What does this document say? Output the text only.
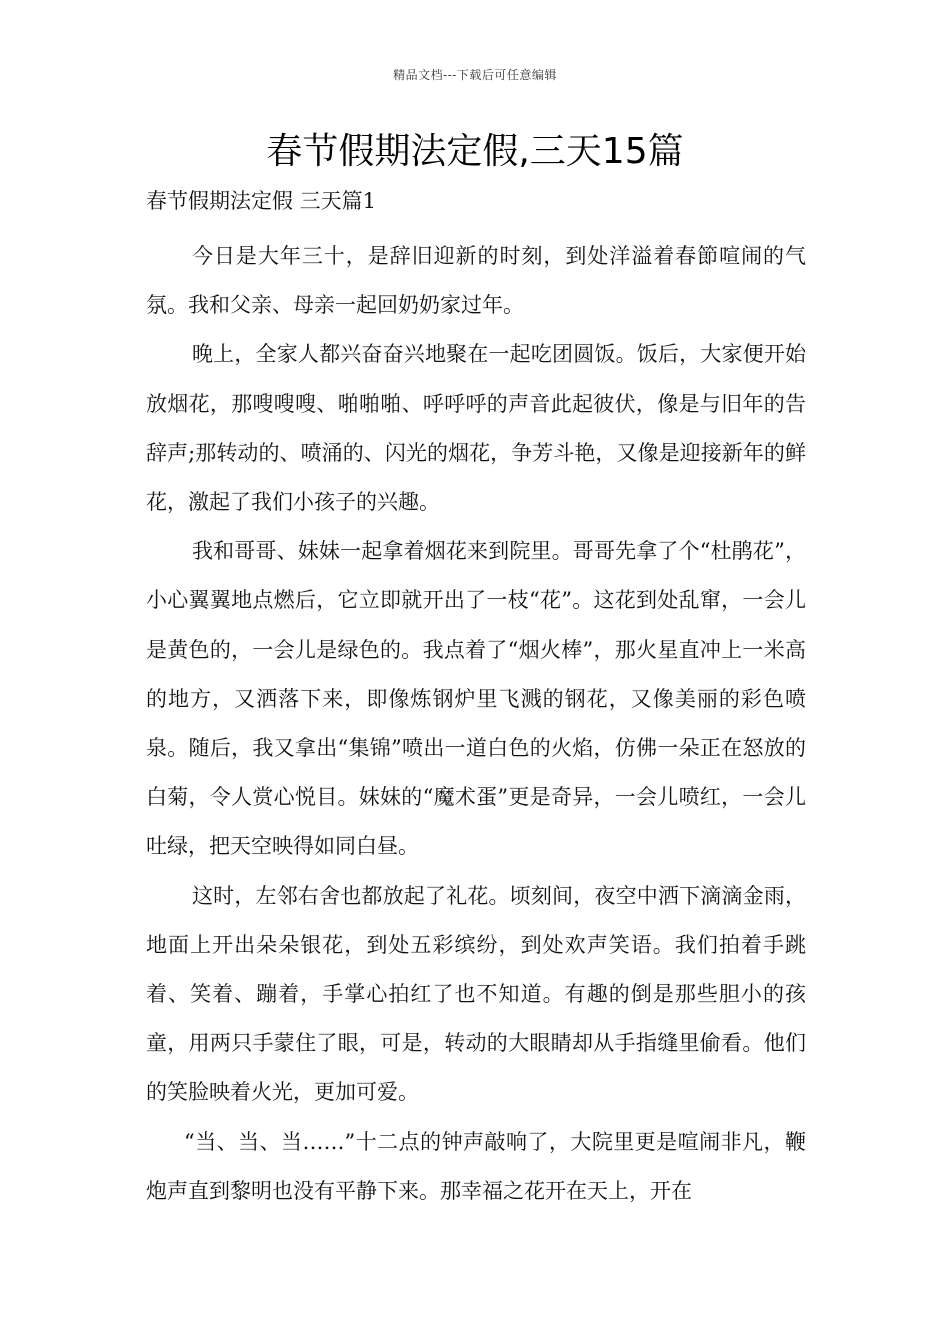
精品文档---下载后可任意编辑
春节假期法定假,三天15篇
春节假期法定假 三天篇1

今日是大年三十，是辞旧迎新的时刻，到处洋溢着春節喧闹的气氛。我和父亲、母亲一起回奶奶家过年。

晚上，全家人都兴奋奋兴地聚在一起吃团圆饭。饭后，大家便开始放烟花，那嗖嗖嗖、啪啪啪、呼呼呼的声音此起彼伏，像是与旧年的告辞声;那转动的、喷涌的、闪光的烟花，争芳斗艳，又像是迎接新年的鲜花，激起了我们小孩子的兴趣。

我和哥哥、妹妹一起拿着烟花来到院里。哥哥先拿了个“杜鹃花”，小心翼翼地点燃后，它立即就开出了一枝“花”。这花到处乱窜，一会儿是黄色的，一会儿是绿色的。我点着了“烟火棒”，那火星直冲上一米高的地方，又洒落下来，即像炼钢炉里飞溅的钢花，又像美丽的彩色喷泉。随后，我又拿出“集锦”喷出一道白色的火焰，仿佛一朵正在怒放的白菊，令人赏心悦目。妹妹的“魔术蛋”更是奇异，一会儿喷红，一会儿吐绿，把天空映得如同白昼。

这时，左邻右舍也都放起了礼花。顷刻间，夜空中洒下滴滴金雨，地面上开出朵朵银花，到处五彩缤纷，到处欢声笑语。我们拍着手跳着、笑着、蹦着，手掌心拍红了也不知道。有趣的倒是那些胆小的孩童，用两只手蒙住了眼，可是，转动的大眼睛却从手指缝里偷看。他们的笑脸映着火光，更加可爱。

“当、当、当……”十二点的钟声敲响了，大院里更是喧闹非凡，鞭炮声直到黎明也没有平静下来。那幸福之花开在天上，开在
